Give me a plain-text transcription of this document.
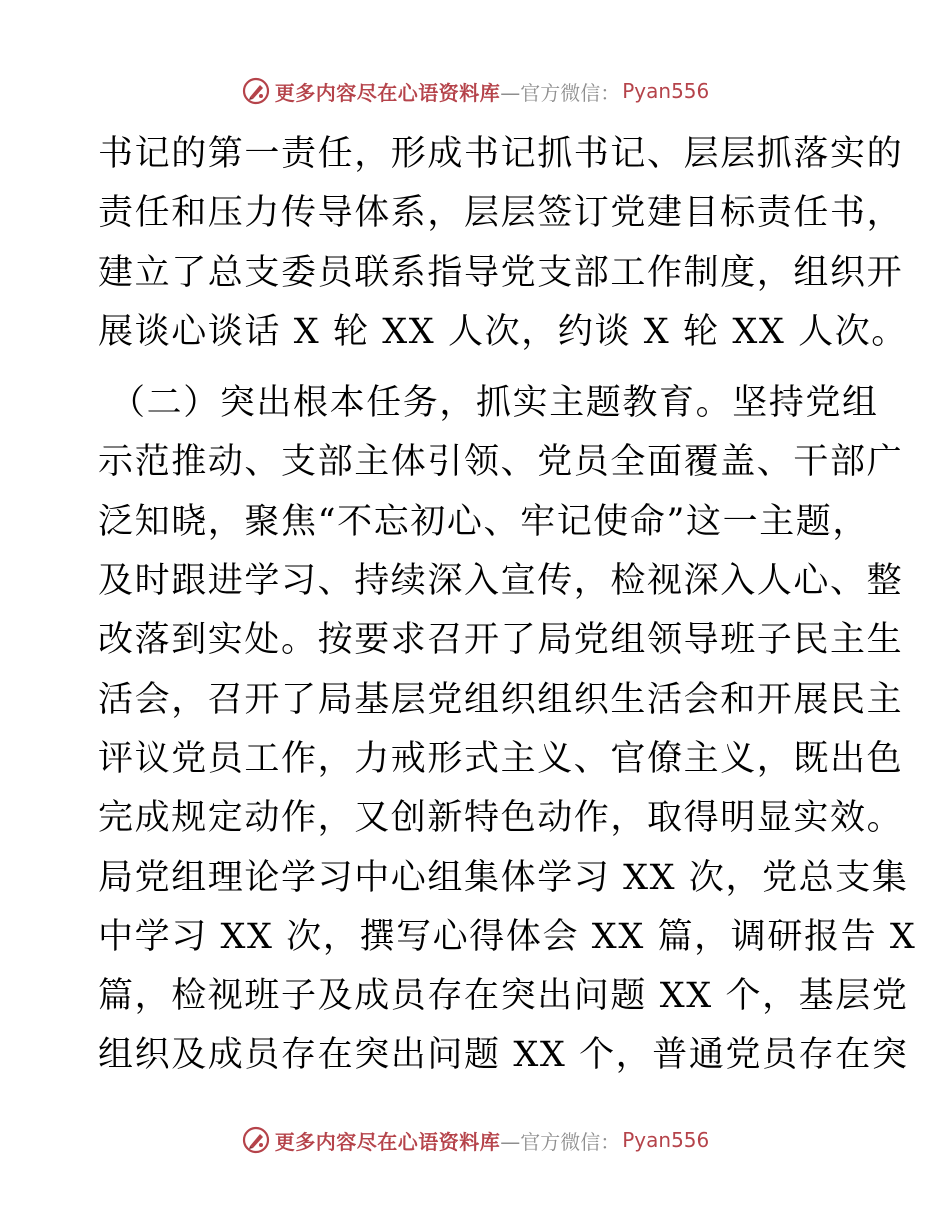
更多内容尽在心语资料库 —官方微信： Pyan556
书记的第一责任，形成书记抓书记、层层抓落实的
责任和压力传导体系，层层签订党建目标责任书，
建立了总支委员联系指导党支部工作制度，组织开
展谈心谈话 X 轮 XX 人次，约谈 X 轮 XX 人次。
（二）突出根本任务，抓实主题教育。坚持党组
示范推动、支部主体引领、党员全面覆盖、干部广
泛知晓，聚焦“不忘初心、牢记使命”这一主题，
及时跟进学习、持续深入宣传，检视深入人心、整
改落到实处。按要求召开了局党组领导班子民主生
活会，召开了局基层党组织组织生活会和开展民主
评议党员工作，力戒形式主义、官僚主义，既出色
完成规定动作，又创新特色动作，取得明显实效。
局党组理论学习中心组集体学习 XX 次，党总支集
中学习 XX 次，撰写心得体会 XX 篇，调研报告 X
篇，检视班子及成员存在突出问题 XX 个，基层党
组织及成员存在突出问题 XX 个，普通党员存在突
更多内容尽在心语资料库 —官方微信： Pyan556
